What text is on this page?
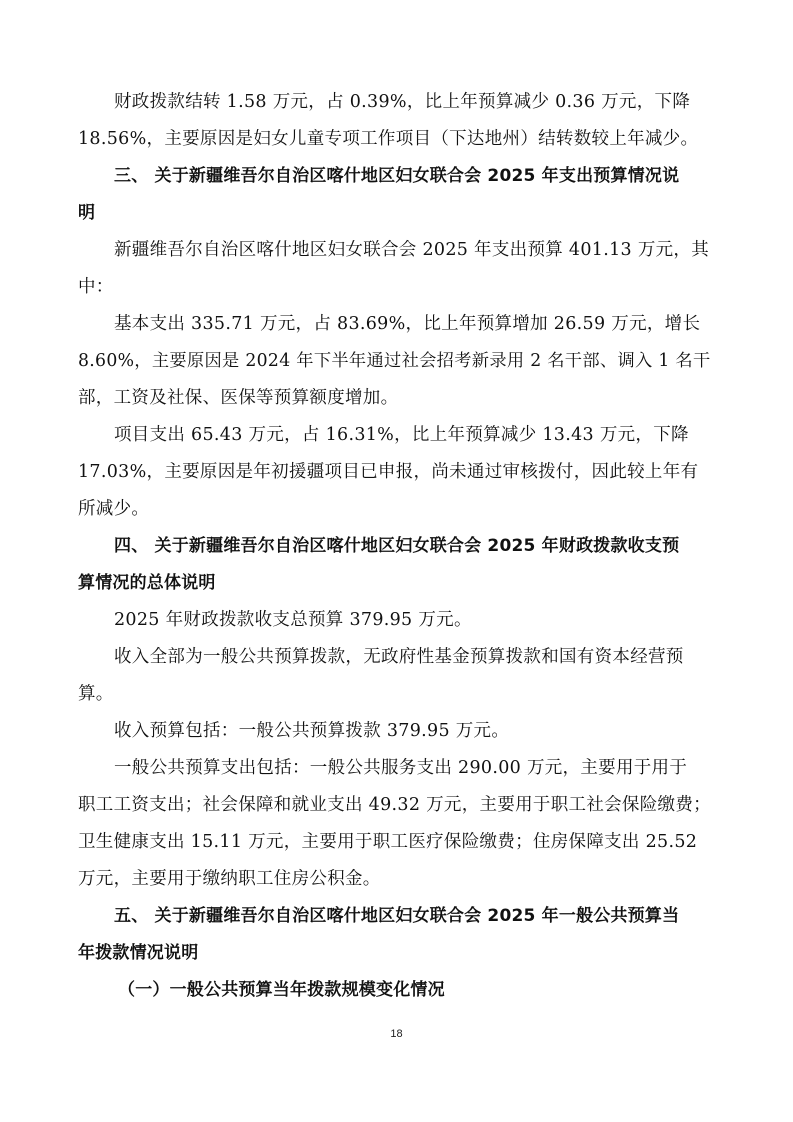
财政拨款结转 1.58 万元，占 0.39%，比上年预算减少 0.36 万元，下降
18.56%，主要原因是妇女儿童专项工作项目（下达地州）结转数较上年减少。
三、 关于新疆维吾尔自治区喀什地区妇女联合会 2025 年支出预算情况说
明
新疆维吾尔自治区喀什地区妇女联合会 2025 年支出预算 401.13 万元，其
中：
基本支出 335.71 万元，占 83.69%，比上年预算增加 26.59 万元，增长
8.60%，主要原因是 2024 年下半年通过社会招考新录用 2 名干部、调入 1 名干
部，工资及社保、医保等预算额度增加。
项目支出 65.43 万元，占 16.31%，比上年预算减少 13.43 万元，下降
17.03%，主要原因是年初援疆项目已申报，尚未通过审核拨付，因此较上年有
所减少。
四、 关于新疆维吾尔自治区喀什地区妇女联合会 2025 年财政拨款收支预
算情况的总体说明
2025 年财政拨款收支总预算 379.95 万元。
收入全部为一般公共预算拨款，无政府性基金预算拨款和国有资本经营预
算。
收入预算包括：一般公共预算拨款 379.95 万元。
一般公共预算支出包括：一般公共服务支出 290.00 万元，主要用于用于
职工工资支出；社会保障和就业支出 49.32 万元，主要用于职工社会保险缴费；
卫生健康支出 15.11 万元，主要用于职工医疗保险缴费；住房保障支出 25.52
万元，主要用于缴纳职工住房公积金。
五、 关于新疆维吾尔自治区喀什地区妇女联合会 2025 年一般公共预算当
年拨款情况说明
（一）一般公共预算当年拨款规模变化情况
18
